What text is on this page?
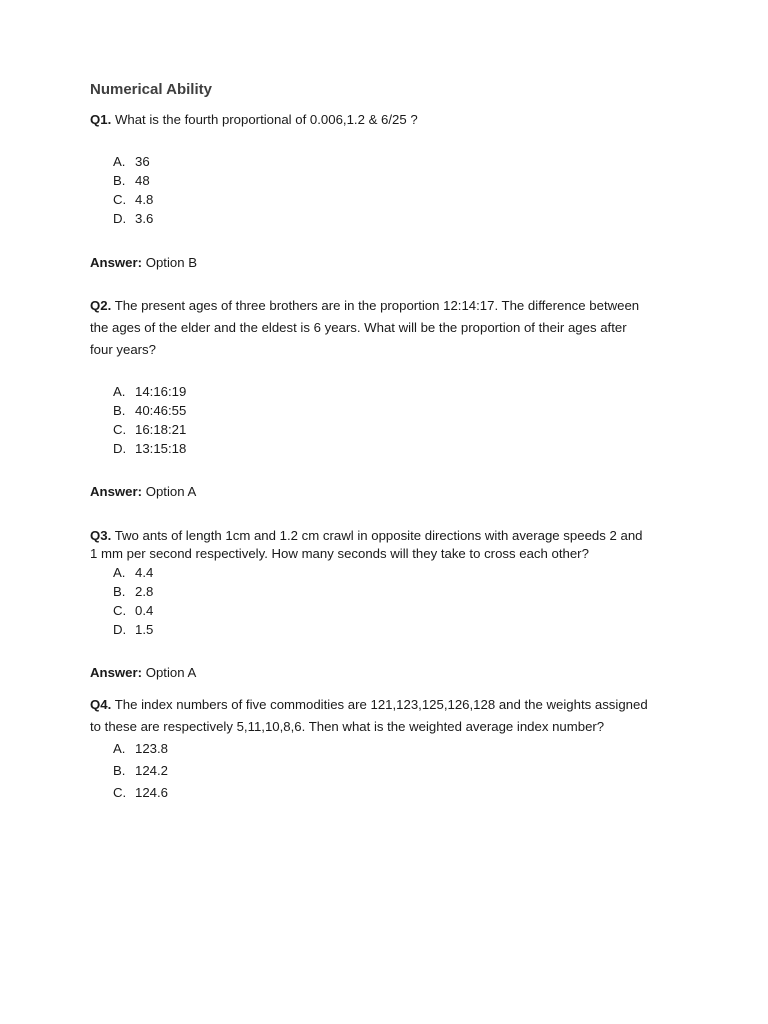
Numerical Ability
Q1. What is the fourth proportional of 0.006,1.2 & 6/25 ?
A. 36
B. 48
C. 4.8
D. 3.6
Answer: Option B
Q2. The present ages of three brothers are in the proportion 12:14:17. The difference between
the ages of the elder and the eldest is 6 years. What will be the proportion of their ages after
four years?
A. 14:16:19
B. 40:46:55
C. 16:18:21
D. 13:15:18
Answer: Option A
Q3. Two ants of length 1cm and 1.2 cm crawl in opposite directions with average speeds 2 and
1 mm per second respectively. How many seconds will they take to cross each other?
A. 4.4
B. 2.8
C. 0.4
D. 1.5
Answer: Option A
Q4. The index numbers of five commodities are 121,123,125,126,128 and the weights assigned
to these are respectively 5,11,10,8,6. Then what is the weighted average index number?
A. 123.8
B. 124.2
C. 124.6
